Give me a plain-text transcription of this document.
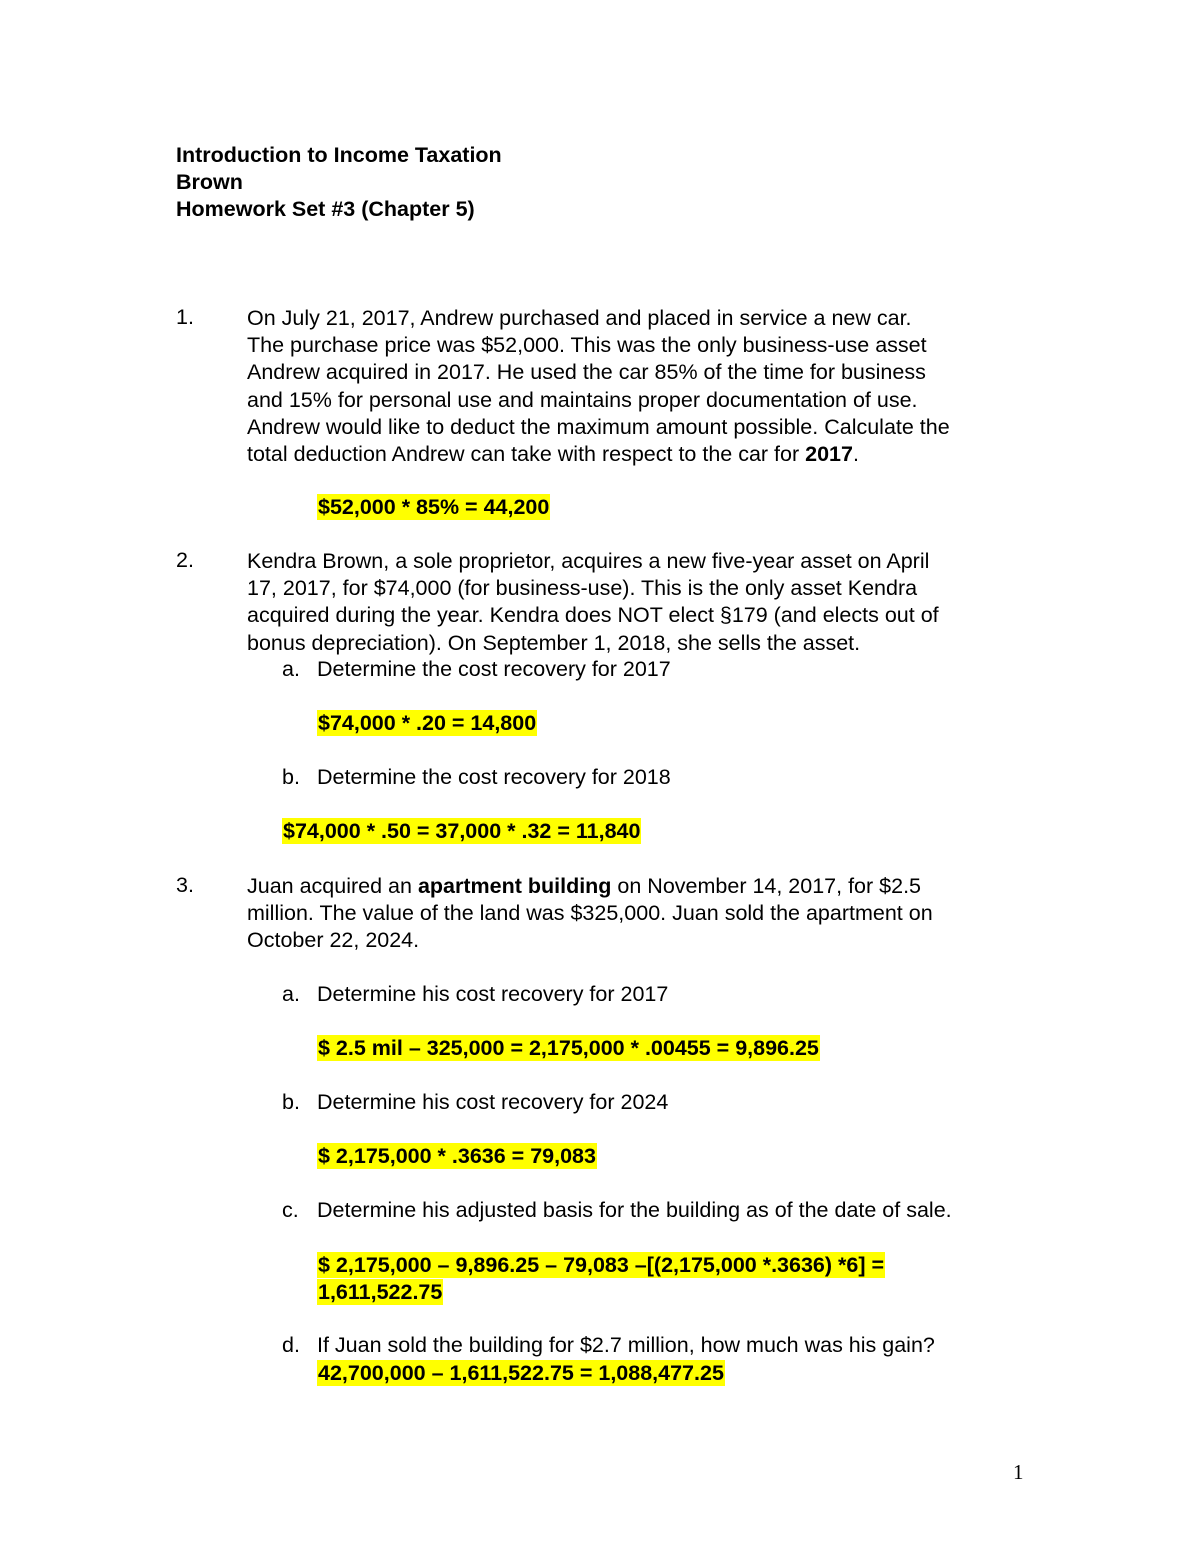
Introduction to Income Taxation
Brown
Homework Set #3 (Chapter 5)
1. On July 21, 2017, Andrew purchased and placed in service a new car.
The purchase price was $52,000. This was the only business-use asset
Andrew acquired in 2017. He used the car 85% of the time for business
and 15% for personal use and maintains proper documentation of use.
Andrew would like to deduct the maximum amount possible. Calculate the
total deduction Andrew can take with respect to the car for 2017.
$52,000 * 85% = 44,200
2. Kendra Brown, a sole proprietor, acquires a new five-year asset on April
17, 2017, for $74,000 (for business-use). This is the only asset Kendra
acquired during the year. Kendra does NOT elect §179 (and elects out of
bonus depreciation). On September 1, 2018, she sells the asset.
a. Determine the cost recovery for 2017
$74,000 * .20 = 14,800
b. Determine the cost recovery for 2018
$74,000 * .50 = 37,000 * .32 = 11,840
3. Juan acquired an apartment building on November 14, 2017, for $2.5
million. The value of the land was $325,000. Juan sold the apartment on
October 22, 2024.
a. Determine his cost recovery for 2017
$ 2.5 mil – 325,000 = 2,175,000 * .00455 = 9,896.25
b. Determine his cost recovery for 2024
$ 2,175,000 * .3636 = 79,083
c. Determine his adjusted basis for the building as of the date of sale.
$ 2,175,000 – 9,896.25 – 79,083 –[(2,175,000 *.3636) *6] =
1,611,522.75
d. If Juan sold the building for $2.7 million, how much was his gain?
42,700,000 – 1,611,522.75 = 1,088,477.25
1
